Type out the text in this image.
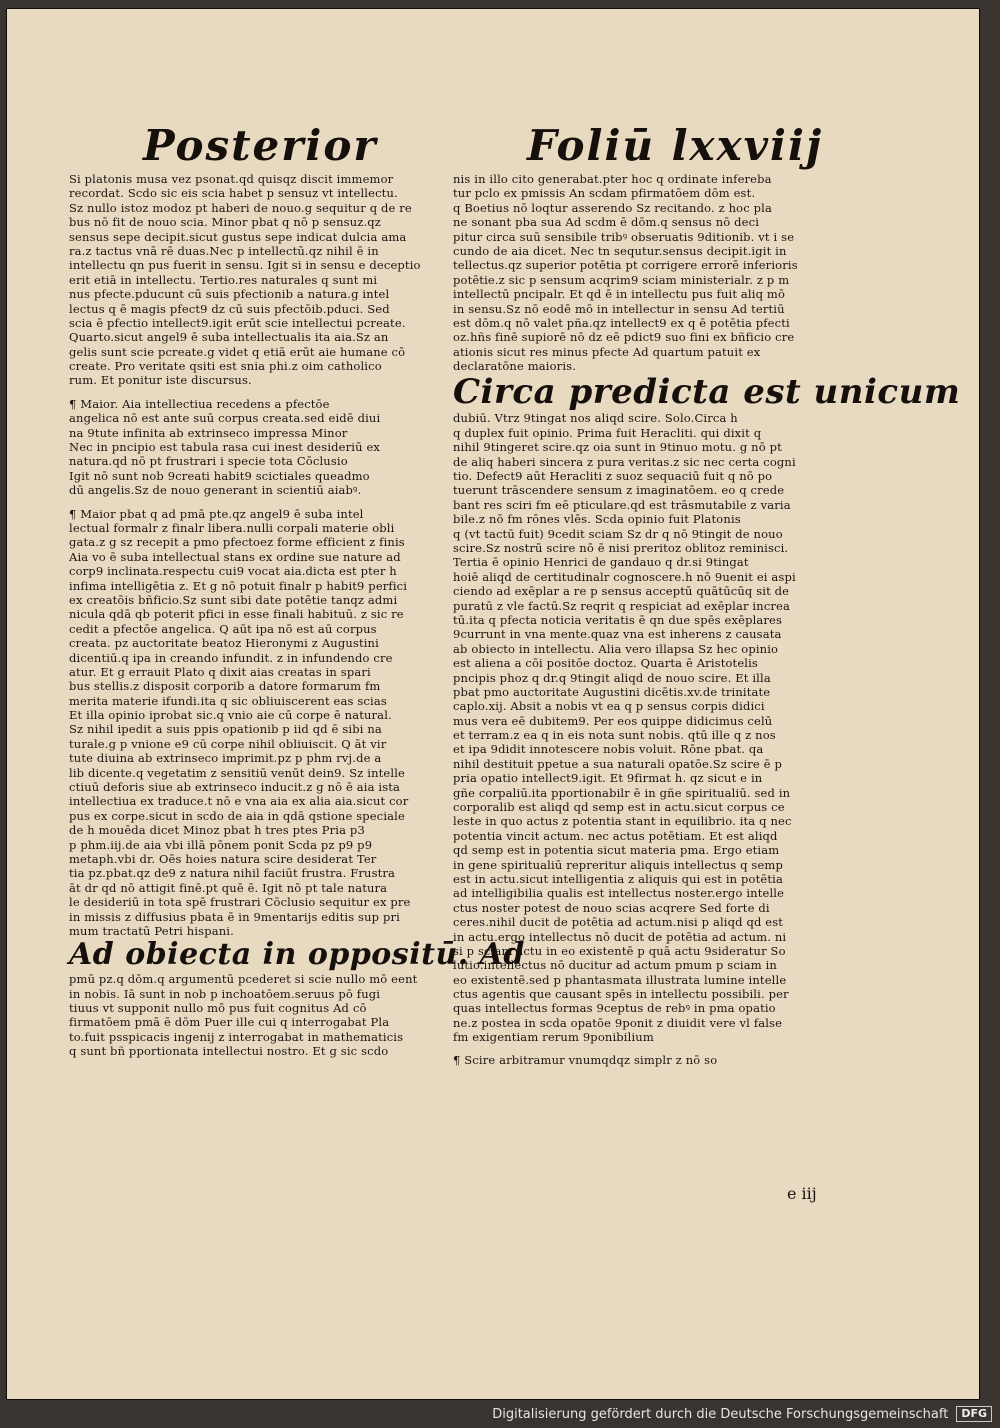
Posterior	Foliū lxxviij
Si platonis musa vez psonat.qd quisqz discit immemor
recordat. Scdo sic eis scia habet p sensuz vt intellectu.
Sz nullo istoz modoz pt haberi de nouo.g sequitur q de re
bus nō fit de nouo scia. Minor pbat q nō p sensuz.qz
sensus sepe decipit.sicut gustus sepe indicat dulcia ama
ra.z tactus vnā rē duas.Nec p intellectū.qz nihil ē in
intellectu qn pus fuerit in sensu. Igit si in sensu e deceptio
erit etiā in intellectu. Tertio.res naturales q sunt mi
nus pfecte.pducunt cū suis pfectionib a natura.g intel
lectus q ē magis pfect9 dz cū suis pfectōib.pduci. Sed
scia ē pfectio intellect9.igit erūt scie intellectui pcreate.
Quarto.sicut angel9 ē suba intellectualis ita aia.Sz an
gelis sunt scie pcreate.g videt q etiā erūt aie humane cō
create. Pro veritate qsiti est snia phi.z oim catholico
rum. Et ponitur iste discursus.
¶ Maior. Aia intellectiua recedens a pfectōe
angelica nō est ante suū corpus creata.sed eidē diui
na 9tute infinita ab extrinseco impressa Minor
Nec in pncipio est tabula rasa cui inest desideriū ex
natura.qd nō pt frustrari i specie tota Cōclusio
Igit nō sunt nob 9creati habit9 scictiales queadmo
dū angelis.Sz de nouo generant in scientiū aiabꝰ.
¶ Maior pbat q ad pmā pte.qz angel9 ē suba intel
lectual formalr z finalr libera.nulli corpali materie obli
gata.z g sz recepit a pmo pfectoez forme efficient z finis
Aia vo ē suba intellectual stans ex ordine sue nature ad
corp9 inclinata.respectu cui9 vocat aia.dicta est pter h
infima intelligētia z. Et g nō potuit finalr p habit9 perfici
ex creatōis bñficio.Sz sunt sibi date potētie tanqz admi
nicula qdā qb poterit pfici in esse finali habituū. z sic re
cedit a pfectōe angelica. Q aūt ipa nō est aū corpus
creata. pz auctoritate beatoz Hieronymi z Augustini
dicentiū.q ipa in creando infundit. z in infundendo cre
atur. Et g errauit Plato q dixit aias creatas in spari
bus stellis.z disposit corporib a datore formarum fm
merita materie ifundi.ita q sic obliuiscerent eas scias
Et illa opinio iprobat sic.q vnio aie cū corpe ē natural.
Sz nihil ipedit a suis ppis opationib p iid qd ē sibi na
turale.g p vnione e9 cū corpe nihil obliuiscit. Q āt vir
tute diuina ab extrinseco imprimit.pz p phm rvj.de a
lib dicente.q vegetatim z sensitiū venūt dein9. Sz intelle
ctiuū deforis siue ab extrinseco inducit.z g nō ē aia ista
intellectiua ex traduce.t nō e vna aia ex alia aia.sicut cor
pus ex corpe.sicut in scdo de aia in qdā qstione speciale
de h mouēda dicet Minoz pbat h tres ptes Pria p3
p phm.iij.de aia vbi illā pōnem ponit Scda pz p9 p9
metaph.vbi dr. Oēs hoies natura scire desiderat Ter
tia pz.pbat.qz de9 z natura nihil faciūt frustra. Frustra
āt dr qd nō attigit finē.pt quē ē. Igit nō pt tale natura
le desideriū in tota spē frustrari Cōclusio sequitur ex pre
in missis z diffusius pbata ē in 9mentarijs editis sup pri
mum tractatū Petri hispani.
Ad obiecta in oppositū. Ad
pmū pz.q dōm.q argumentū pcederet si scie nullo mō eent
in nobis. Iā sunt in nob p inchoatōem.seruus pō fugi
tiuus vt supponit nullo mō pus fuit cognitus Ad cō
firmatōem pmā ē dōm Puer ille cui q interrogabat Pla
to.fuit psspicacis ingenij z interrogabat in mathematicis
q sunt bñ pportionata intellectui nostro. Et g sic scdo
nis in illo cito generabat.pter hoc q ordinate infereba
tur pclo ex pmissis An scdam pfirmatōem dōm est.
q Boetius nō loqtur asserendo Sz recitando. z hoc pla
ne sonant pba sua Ad scdm ē dōm.q sensus nō deci
pitur circa suū sensibile tribꝰ obseruatis 9ditionib. vt i se
cundo de aia dicet. Nec tn sequtur.sensus decipit.igit in
tellectus.qz superior potētia pt corrigere errorē inferioris
potētie.z sic p sensum acqrim9 sciam ministerialr. z p m
intellectū pncipalr. Et qd ē in intellectu pus fuit aliq mō
in sensu.Sz nō eodē mō in intellectur in sensu Ad tertiū
est dōm.q nō valet pña.qz intellect9 ex q ē potētia pfecti
oz.hñs finē supiorē nō dz eē pdict9 suo fini ex bñficio cre
ationis sicut res minus pfecte Ad quartum patuit ex
declaratōne maioris.
Circa predicta est unicum
dubiū. Vtrz 9tingat nos aliqd scire. Solo.Circa h
q duplex fuit opinio. Prima fuit Heracliti. qui dixit q
nihil 9tingeret scire.qz oia sunt in 9tinuo motu. g nō pt
de aliq haberi sincera z pura veritas.z sic nec certa cogni
tio. Defect9 aūt Heracliti z suoz sequaciū fuit q nō po
tuerunt trāscendere sensum z imaginatōem. eo q crede
bant res sciri fm eē pticulare.qd est trāsmutabile z varia
bile.z nō fm rōnes vlēs. Scda opinio fuit Platonis
q (vt tactū fuit) 9cedit sciam Sz dr q nō 9tingit de nouo
scire.Sz nostrū scire nō ē nisi preritoz oblitoz reminisci.
Tertia ē opinio Henrici de gandauo q dr.si 9tingat
hoiē aliqd de certitudinalr cognoscere.h nō 9uenit ei aspi
ciendo ad exēplar a re p sensus acceptū quātūcūq sit de
puratū z vle factū.Sz reqrit q respiciat ad exēplar increa
tū.ita q pfecta noticia veritatis ē qn due spēs exēplares
9currunt in vna mente.quaz vna est inherens z causata
ab obiecto in intellectu. Alia vero illapsa Sz hec opinio
est aliena a cōi positōe doctoz. Quarta ē Aristotelis
pncipis phoz q dr.q 9tingit aliqd de nouo scire. Et illa
pbat pmo auctoritate Augustini dicētis.xv.de trinitate
caplo.xij. Absit a nobis vt ea q p sensus corpis didici
mus vera eē dubitem9. Per eos quippe didicimus celū
et terram.z ea q in eis nota sunt nobis. qtū ille q z nos
et ipa 9didit innotescere nobis voluit. Rōne pbat. qa
nihil destituit ppetue a sua naturali opatōe.Sz scire ē p
pria opatio intellect9.igit. Et 9firmat h. qz sicut e in
gñe corpaliū.ita pportionabilr ē in gñe spiritualiū. sed in
corporalib est aliqd qd semp est in actu.sicut corpus ce
leste in quo actus z potentia stant in equilibrio. ita q nec
potentia vincit actum. nec actus potētiam. Et est aliqd
qd semp est in potentia sicut materia pma. Ergo etiam
in gene spiritualiū repreritur aliquis intellectus q semp
est in actu.sicut intelligentia z aliquis qui est in potētia
ad intelligibilia qualis est intellectus noster.ergo intelle
ctus noster potest de nouo scias acqrere Sed forte di
ceres.nihil ducit de potētia ad actum.nisi p aliqd qd est
in actu.ergo intellectus nō ducit de potētia ad actum. ni
si p sciam actu in eo existentē p quā actu 9sideratur So
lutio.intellectus nō ducitur ad actum pmum p sciam in
eo existentē.sed p phantasmata illustrata lumine intelle
ctus agentis que causant spēs in intellectu possibili. per
quas intellectus formas 9ceptus de rebꝰ in pma opatio
ne.z postea in scda opatōe 9ponit z diuidit vere vl false
fm exigentiam rerum 9ponibilium
¶ Scire arbitramur vnumqdqz simplr z nō so
e iij
Digitalisierung gefördert durch die Deutsche Forschungsgemeinschaft	DFG
